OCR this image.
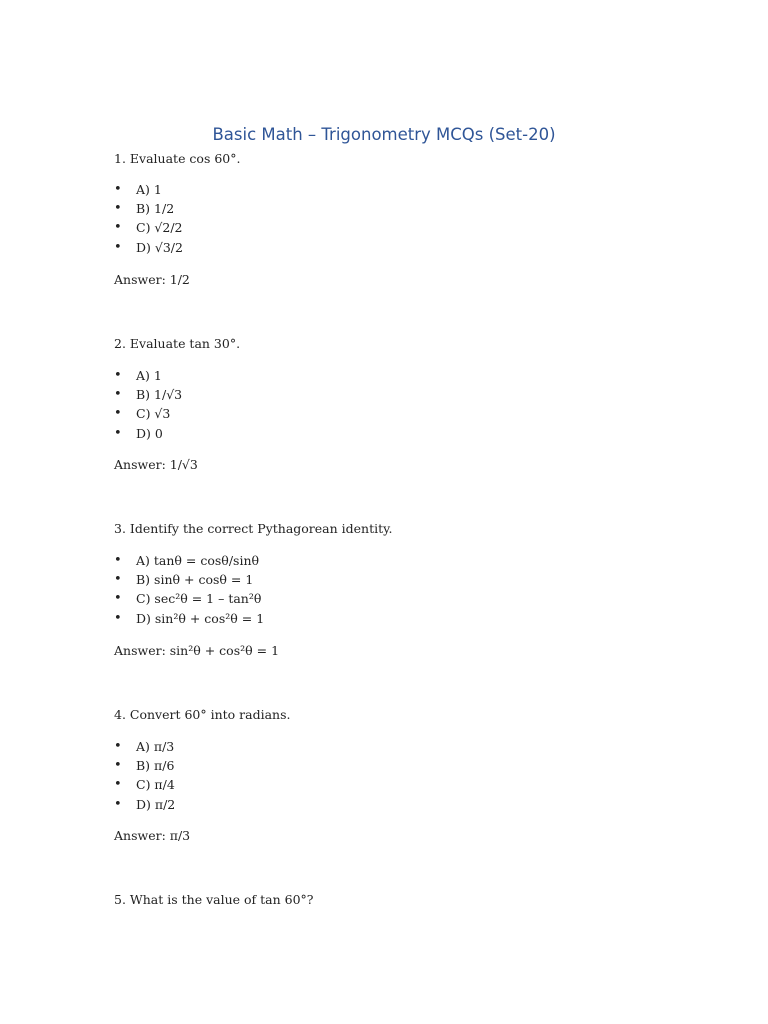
Basic Math – Trigonometry MCQs (Set-20)
1. Evaluate cos 60°.
• A) 1
• B) 1/2
• C) √2/2
• D) √3/2
Answer: 1/2
2. Evaluate tan 30°.
• A) 1
• B) 1/√3
• C) √3
• D) 0
Answer: 1/√3
3. Identify the correct Pythagorean identity.
• A) tanθ = cosθ/sinθ
• B) sinθ + cosθ = 1
• C) sec²θ = 1 – tan²θ
• D) sin²θ + cos²θ = 1
Answer: sin²θ + cos²θ = 1
4. Convert 60° into radians.
• A) π/3
• B) π/6
• C) π/4
• D) π/2
Answer: π/3
5. What is the value of tan 60°?
